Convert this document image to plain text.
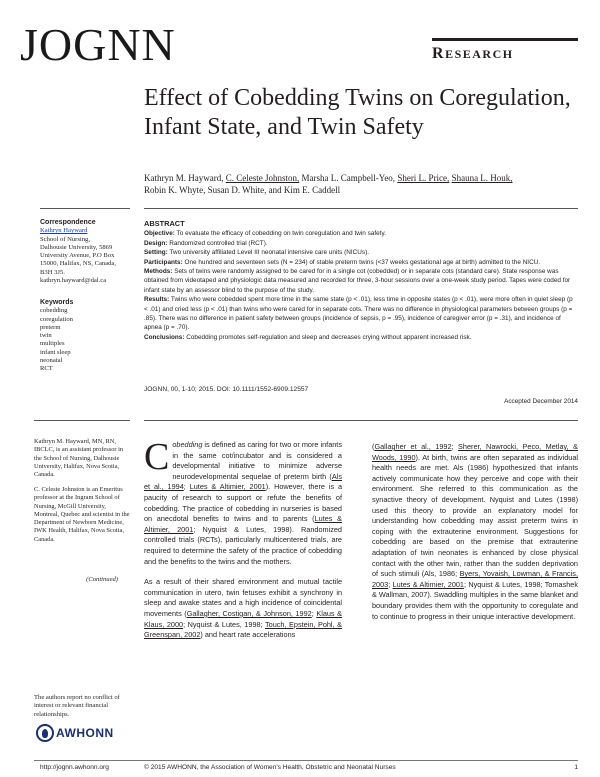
JOGNN	RESEARCH
Effect of Cobedding Twins on Coregulation, Infant State, and Twin Safety
Kathryn M. Hayward, C. Celeste Johnston, Marsha L. Campbell-Yeo, Sheri L. Price, Shauna L. Houk,
Robin K. Whyte, Susan D. White, and Kim E. Caddell
Correspondence
Kathryn Hayward
School of Nursing,
Dalhousie University, 5869
University Avenue, P.O Box
15000, Halifax, NS, Canada,
B3H 3J5.
kathryn.hayward@dal.ca
Keywords
cobedding
coregulation
preterm
twin
multiples
infant sleep
neonatal
RCT
ABSTRACT

Objective: To evaluate the efficacy of cobedding on twin coregulation and twin safety.

Design: Randomized controlled trial (RCT).

Setting: Two university affiliated Level III neonatal intensive care units (NICUs).

Participants: One hundred and seventeen sets (N = 234) of stable preterm twins (<37 weeks gestational age at birth) admitted to the NICU.

Methods: Sets of twins were randomly assigned to be cared for in a single cot (cobedded) or in separate cots (standard care). State response was obtained from videotaped and physiologic data measured and recorded for three, 3-hour sessions over a one-week study period. Tapes were coded for infant state by an assessor blind to the purpose of the study.

Results: Twins who were cobedded spent more time in the same state (p < .01), less time in opposite states (p < .01), were more often in quiet sleep (p < .01) and cried less (p < .01) than twins who were cared for in separate cots. There was no difference in physiological parameters between groups (p = .85). There was no difference in patient safety between groups (incidence of sepsis, p = .95), incidence of caregiver error (p = .31), and incidence of apnea (p = .70).

Conclusions: Cobedding promotes self-regulation and sleep and decreases crying without apparent increased risk.

JOGNN, 00, 1-10; 2015. DOI: 10.1111/1552-6909.12557
Accepted December 2014
Kathryn M. Hayward, MN, RN, IBCLC, is an assistant professor in the School of Nursing, Dalhousie University, Halifax, Nova Scotia, Canada.
C. Celeste Johnston is an Emeritus professor at the Ingram School of Nursing, McGill University, Montreal, Quebec and scientist in the Department of Newborn Medicine, IWK Health, Halifax, Nova Scotia, Canada.
(Continued)
The authors report no conflict of interest or relevant financial relationships.
AWHONN

Cobedding is defined as caring for two or more infants in the same cot/incubator and is considered a developmental initiative to minimize adverse neurodevelopmental sequelae of preterm birth (Als et al., 1994; Lutes & Altimier, 2001). However, there is a paucity of research to support or refute the benefits of cobedding. The practice of cobedding in nurseries is based on anecdotal benefits to twins and to parents (Lutes & Altimier, 2001; Nyquist & Lutes, 1998). Randomized controlled trials (RCTs), particularly multicentered trials, are required to determine the safety of the practice of cobedding and the benefits to the twins and the mothers.

As a result of their shared environment and mutual tactile communication in utero, twin fetuses exhibit a synchrony in sleep and awake states and a high incidence of coincidental movements (Gallagher, Costigan, & Johnson, 1992; Klaus & Klaus, 2000; Nyquist & Lutes, 1998; Touch, Epstein, Pohl, & Greenspan, 2002) and heart rate accelerations

(Gallagher et al., 1992; Sherer, Nawrocki, Peco, Metlay, & Woods, 1990). At birth, twins are often separated as individual health needs are met. Als (1986) hypothesized that infants actively communicate how they perceive and cope with their environment. She referred to this communication as the synactive theory of development. Nyquist and Lutes (1998) used this theory to provide an explanatory model for understanding how cobedding may assist preterm twins in coping with the extrauterine environment. Suggestions for cobedding are based on the premise that extrauterine adaptation of twin neonates is enhanced by close physical contact with the other twin, rather than the sudden deprivation of such stimuli (Als, 1986; Byers, Yovaish, Lowman, & Francis, 2003; Lutes & Altimier, 2001; Nyquist & Lutes, 1998; Tomashek & Wallman, 2007). Swaddling multiples in the same blanket and boundary provides them with the opportunity to coregulate and to continue to progress in their unique interactive development.

http://jognn.awhonn.org	© 2015 AWHONN, the Association of Women's Health, Obstetric and Neonatal Nurses	1
